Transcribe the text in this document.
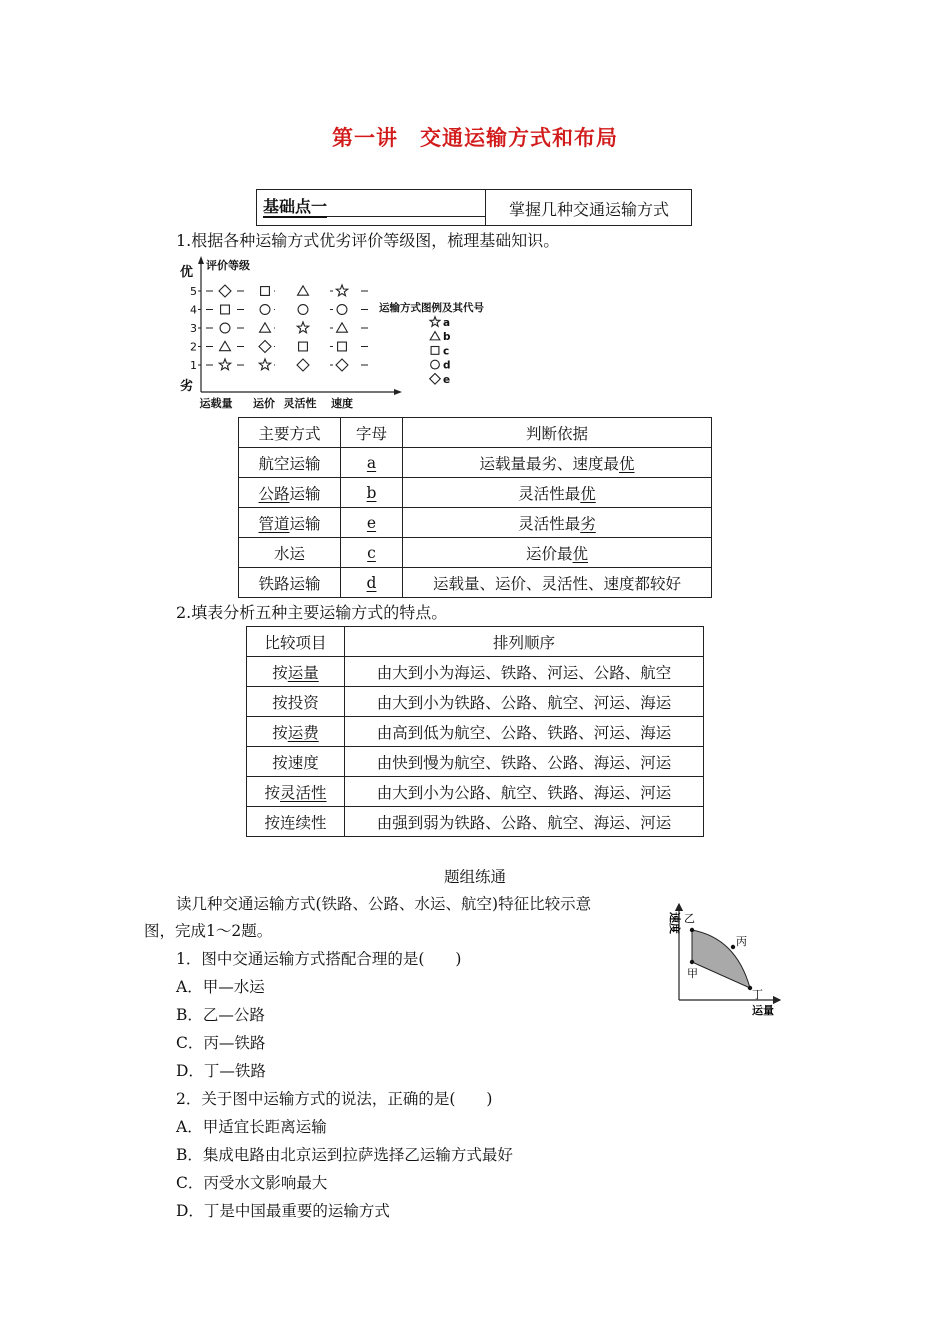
第一讲 交通运输方式和布局
基础点一	掌握几种交通运输方式
1.根据各种运输方式优劣评价等级图，梳理基础知识。
优
劣
评价等级
5
4
3
2
1
运载量 运价 灵活性 速度
运输方式图例及其代号
a
b
c
d
e
主要方式	字母	判断依据
航空运输	a	运载量最劣、速度最优
公路运输	b	灵活性最优
管道运输	e	灵活性最劣
水运	c	运价最优
铁路运输	d	运载量、运价、灵活性、速度都较好
2.填表分析五种主要运输方式的特点。
比较项目	排列顺序
按运量	由大到小为海运、铁路、河运、公路、航空
按投资	由大到小为铁路、公路、航空、河运、海运
按运费	由高到低为航空、公路、铁路、河运、海运
按速度	由快到慢为航空、铁路、公路、海运、河运
按灵活性	由大到小为公路、航空、铁路、海运、河运
按连续性	由强到弱为铁路、公路、航空、海运、河运
题组练通
读几种交通运输方式(铁路、公路、水运、航空)特征比较示意
图，完成1～2题。
1．图中交通运输方式搭配合理的是(　　)
A．甲—水运
B．乙—公路
C．丙—铁路
D．丁—铁路
2．关于图中运输方式的说法，正确的是(　　)
A．甲适宜长距离运输
B．集成电路由北京运到拉萨选择乙运输方式最好
C．丙受水文影响最大
D．丁是中国最重要的运输方式
乙
丙
甲
丁
运量
速度
